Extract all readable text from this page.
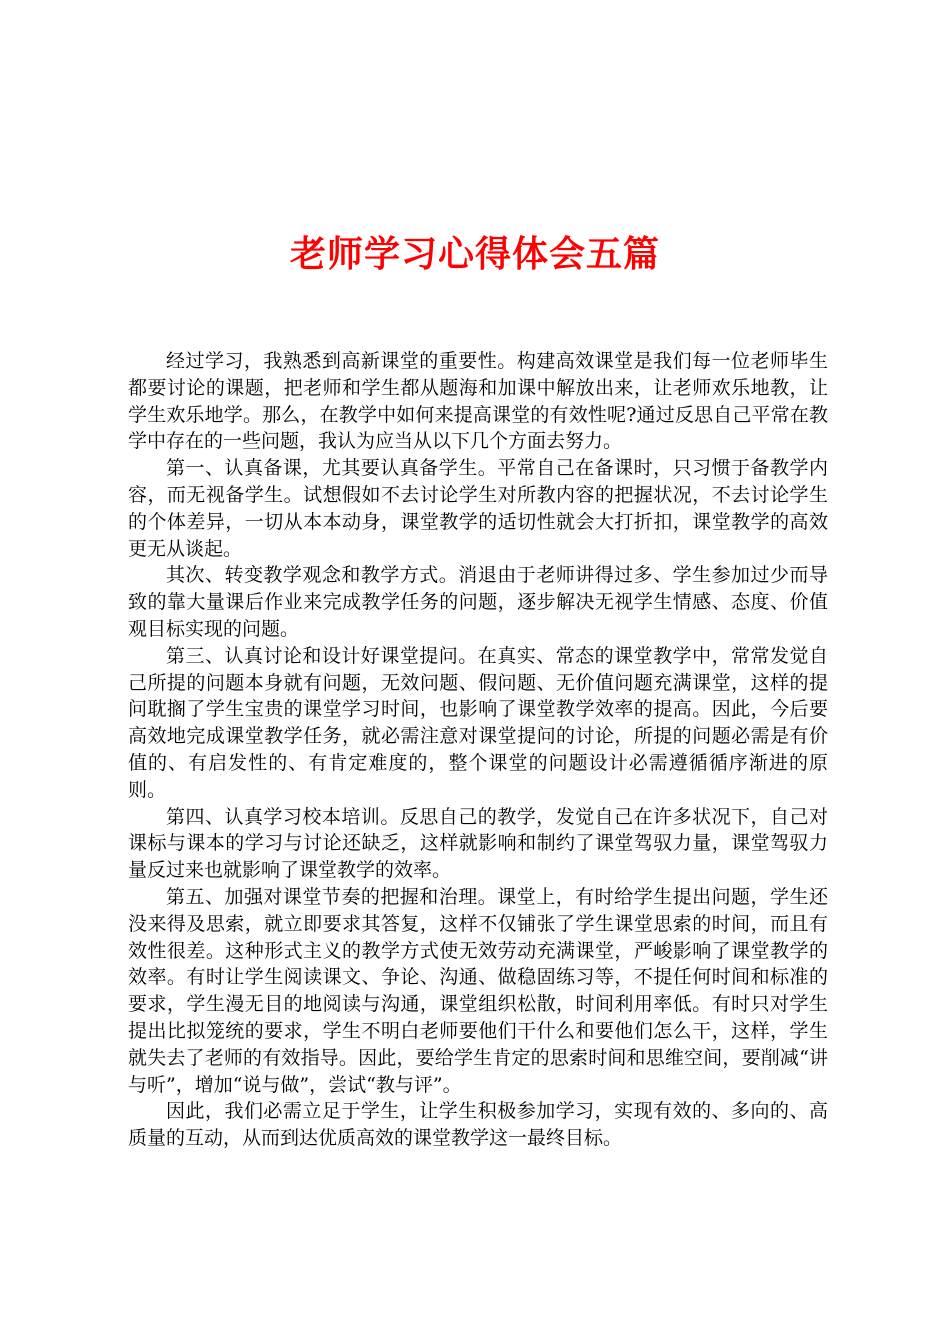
老师学习心得体会五篇

经过学习，我熟悉到高新课堂的重要性。构建高效课堂是我们每一位老师毕生都要讨论的课题，把老师和学生都从题海和加课中解放出来，让老师欢乐地教，让学生欢乐地学。那么，在教学中如何来提高课堂的有效性呢?通过反思自己平常在教学中存在的一些问题，我认为应当从以下几个方面去努力。

第一、认真备课，尤其要认真备学生。平常自己在备课时，只习惯于备教学内容，而无视备学生。试想假如不去讨论学生对所教内容的把握状况，不去讨论学生的个体差异，一切从本本动身，课堂教学的适切性就会大打折扣，课堂教学的高效更无从谈起。

其次、转变教学观念和教学方式。消退由于老师讲得过多、学生参加过少而导致的靠大量课后作业来完成教学任务的问题，逐步解决无视学生情感、态度、价值观目标实现的问题。

第三、认真讨论和设计好课堂提问。在真实、常态的课堂教学中，常常发觉自己所提的问题本身就有问题，无效问题、假问题、无价值问题充满课堂，这样的提问耽搁了学生宝贵的课堂学习时间，也影响了课堂教学效率的提高。因此，今后要高效地完成课堂教学任务，就必需注意对课堂提问的讨论，所提的问题必需是有价值的、有启发性的、有肯定难度的，整个课堂的问题设计必需遵循循序渐进的原则。

第四、认真学习校本培训。反思自己的教学，发觉自己在许多状况下，自己对课标与课本的学习与讨论还缺乏，这样就影响和制约了课堂驾驭力量，课堂驾驭力量反过来也就影响了课堂教学的效率。

第五、加强对课堂节奏的把握和治理。课堂上，有时给学生提出问题，学生还没来得及思索，就立即要求其答复，这样不仅铺张了学生课堂思索的时间，而且有效性很差。这种形式主义的教学方式使无效劳动充满课堂，严峻影响了课堂教学的效率。有时让学生阅读课文、争论、沟通、做稳固练习等，不提任何时间和标准的要求，学生漫无目的地阅读与沟通，课堂组织松散，时间利用率低。有时只对学生提出比拟笼统的要求，学生不明白老师要他们干什么和要他们怎么干，这样，学生就失去了老师的有效指导。因此，要给学生肯定的思索时间和思维空间，要削减“讲与听”，增加“说与做”，尝试“教与评”。

因此，我们必需立足于学生，让学生积极参加学习，实现有效的、多向的、高质量的互动，从而到达优质高效的课堂教学这一最终目标。
